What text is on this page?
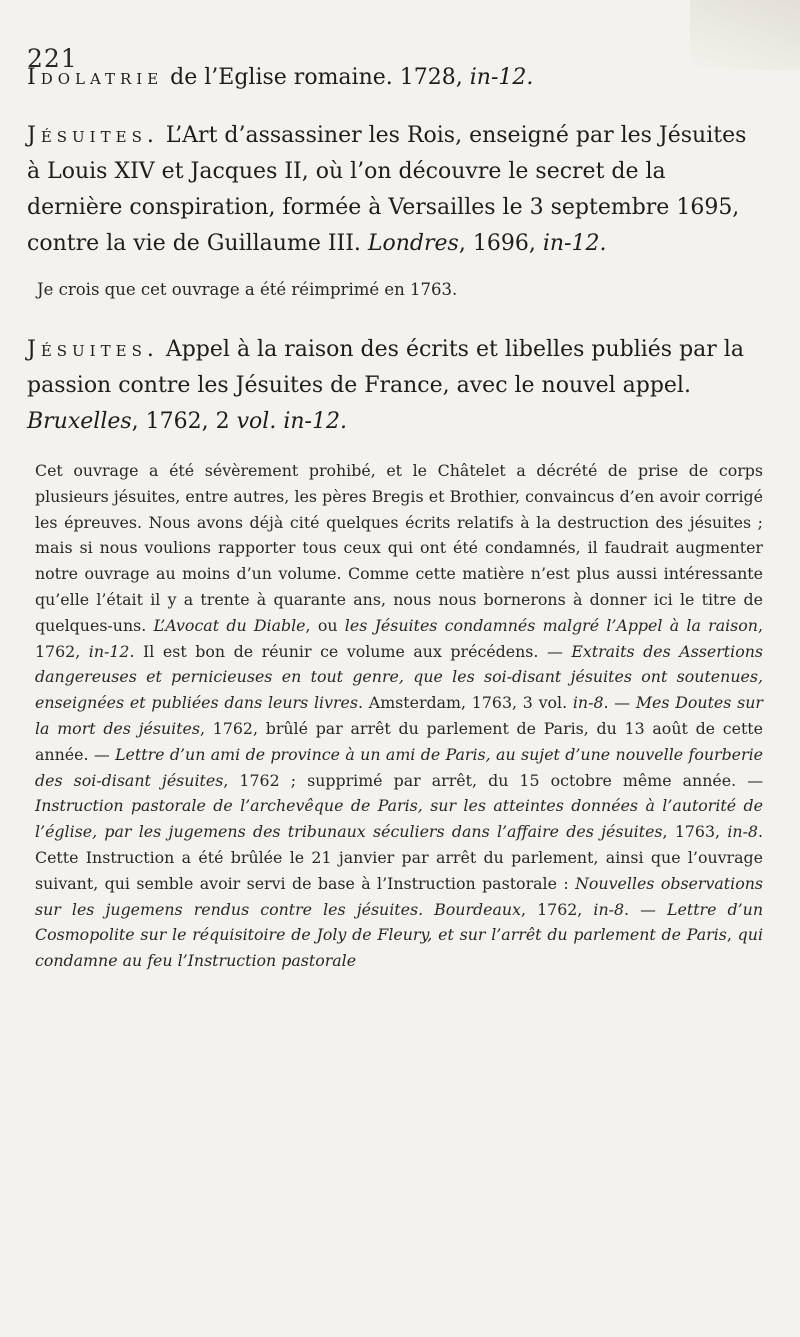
221
Idolatrie de l’Eglise romaine. 1728, in-12.
Jésuites. L’Art d’assassiner les Rois, enseigné par les Jésuites à Louis XIV et Jacques II, où l’on découvre le secret de la dernière conspiration, formée à Versailles le 3 septembre 1695, contre la vie de Guillaume III. Londres, 1696, in-12.
Je crois que cet ouvrage a été réimprimé en 1763.
Jésuites. Appel à la raison des écrits et libelles publiés par la passion contre les Jésuites de France, avec le nouvel appel. Bruxelles, 1762, 2 vol. in-12.
Cet ouvrage a été sévèrement prohibé, et le Châtelet a décrété de prise de corps plusieurs jésuites, entre autres, les pères Bregis et Brothier, convaincus d’en avoir corrigé les épreuves. Nous avons déjà cité quelques écrits relatifs à la destruction des jésuites ; mais si nous voulions rapporter tous ceux qui ont été condamnés, il faudrait augmenter notre ouvrage au moins d’un volume. Comme cette matière n’est plus aussi intéressante qu’elle l’était il y a trente à quarante ans, nous nous bornerons à donner ici le titre de quelques-uns. L’Avocat du Diable, ou les Jésuites condamnés malgré l’Appel à la raison, 1762, in-12. Il est bon de réunir ce volume aux précédens. — Extraits des Assertions dangereuses et pernicieuses en tout genre, que les soi-disant jésuites ont soutenues, enseignées et publiées dans leurs livres. Amsterdam, 1763, 3 vol. in-8. — Mes Doutes sur la mort des jésuites, 1762, brûlé par arrêt du parlement de Paris, du 13 août de cette année. — Lettre d’un ami de province à un ami de Paris, au sujet d’une nouvelle fourberie des soi-disant jésuites, 1762 ; supprimé par arrêt, du 15 octobre même année. — Instruction pastorale de l’archevêque de Paris, sur les atteintes données à l’autorité de l’église, par les jugemens des tribunaux séculiers dans l’affaire des jésuites, 1763, in-8. Cette Instruction a été brûlée le 21 janvier par arrêt du parlement, ainsi que l’ouvrage suivant, qui semble avoir servi de base à l’Instruction pastorale : Nouvelles observations sur les jugemens rendus contre les jésuites. Bourdeaux, 1762, in-8. — Lettre d’un Cosmopolite sur le réquisitoire de Joly de Fleury, et sur l’arrêt du parlement de Paris, qui condamne au feu l’Instruction pastorale
